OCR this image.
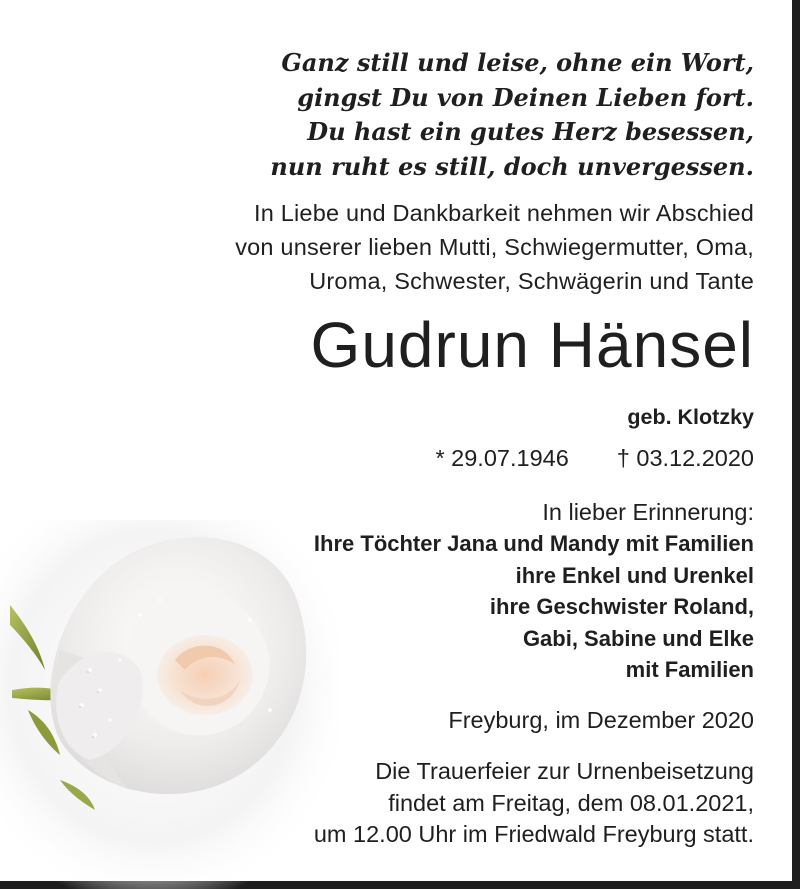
Ganz still und leise, ohne ein Wort,
gingst Du von Deinen Lieben fort.
Du hast ein gutes Herz besessen,
nun ruht es still, doch unvergessen.
In Liebe und Dankbarkeit nehmen wir Abschied
von unserer lieben Mutti, Schwiegermutter, Oma,
Uroma, Schwester, Schwägerin und Tante
Gudrun Hänsel
geb. Klotzky
* 29.07.1946 † 03.12.2020
In lieber Erinnerung:
Ihre Töchter Jana und Mandy mit Familien
ihre Enkel und Urenkel
ihre Geschwister Roland,
Gabi, Sabine und Elke
mit Familien
Freyburg, im Dezember 2020
Die Trauerfeier zur Urnenbeisetzung
findet am Freitag, dem 08.01.2021,
um 12.00 Uhr im Friedwald Freyburg statt.
